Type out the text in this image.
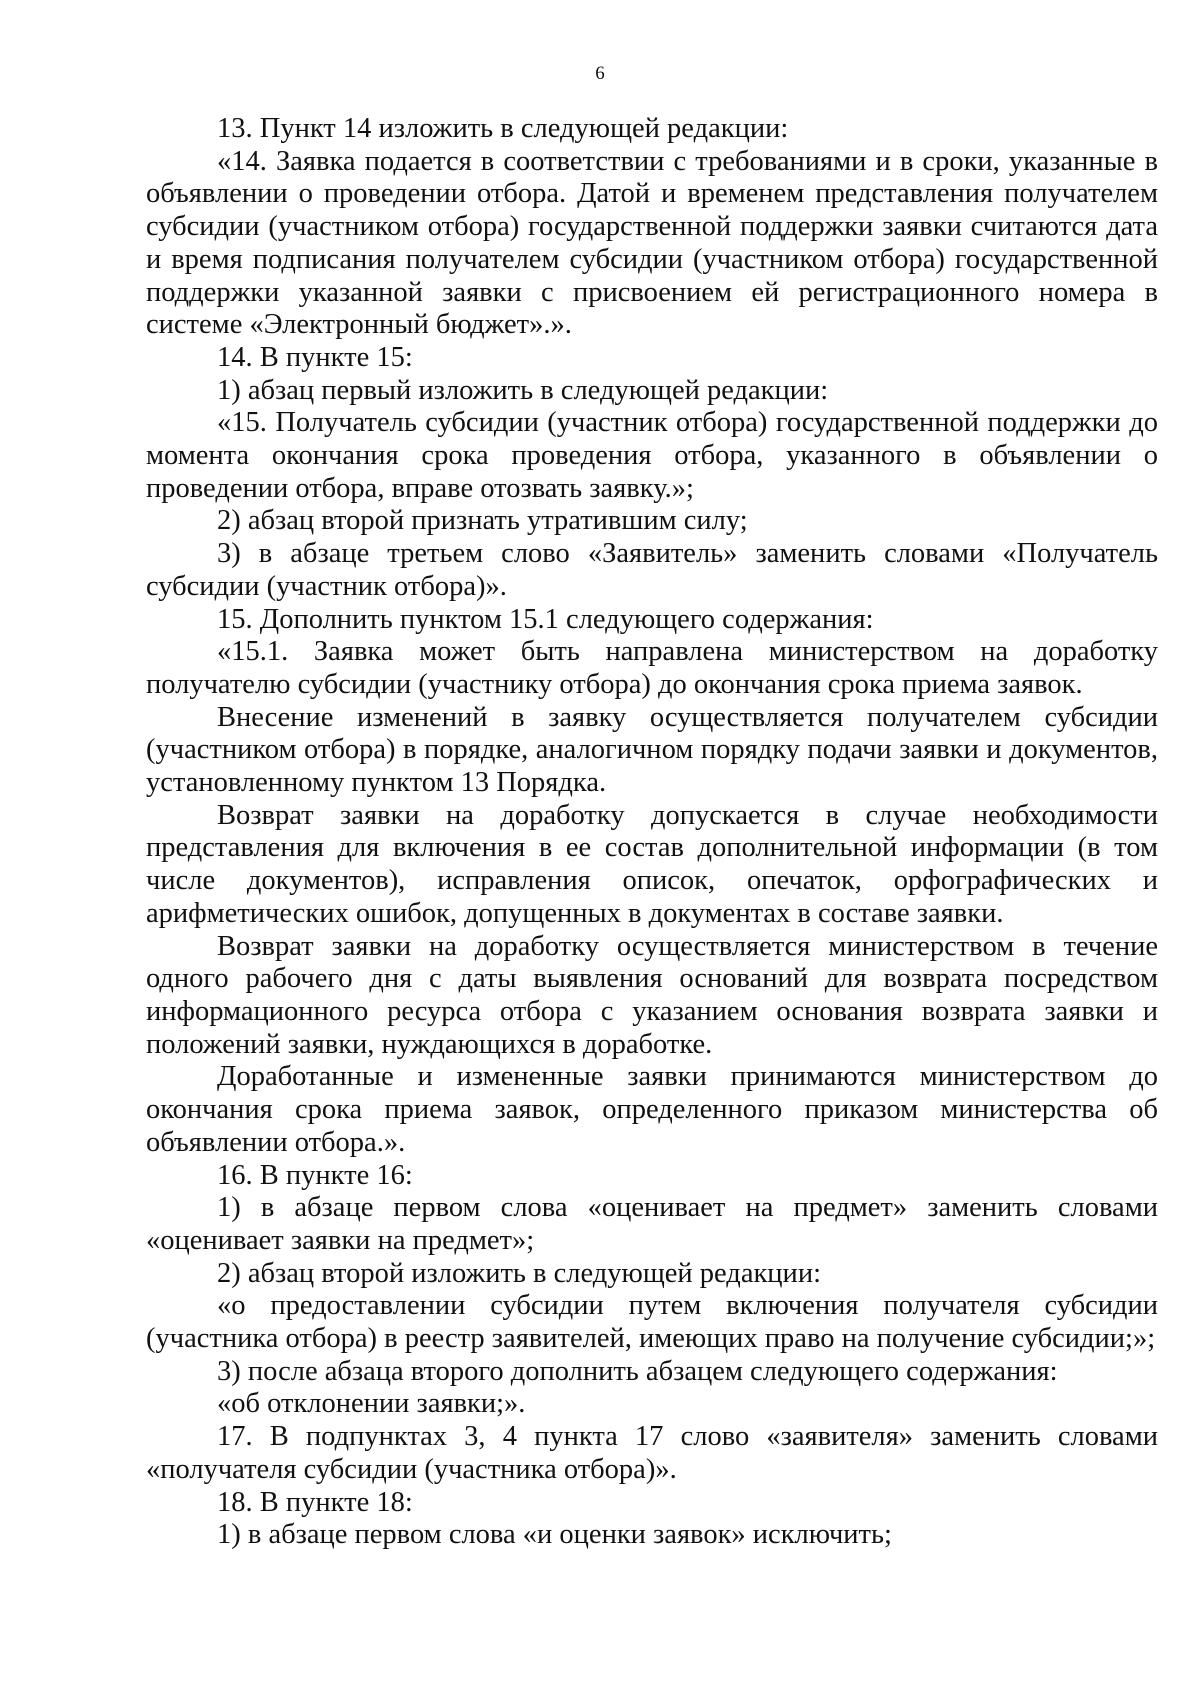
6

13. Пункт 14 изложить в следующей редакции:

«14. Заявка подается в соответствии с требованиями и в сроки, указанные в объявлении о проведении отбора. Датой и временем представления получателем субсидии (участником отбора) государственной поддержки заявки считаются дата и время подписания получателем субсидии (участником отбора) государственной поддержки указанной заявки с присвоением ей регистрационного номера в системе «Электронный бюджет».».

14. В пункте 15:

1) абзац первый изложить в следующей редакции:

«15. Получатель субсидии (участник отбора) государственной поддержки до момента окончания срока проведения отбора, указанного в объявлении о проведении отбора, вправе отозвать заявку.»;

2) абзац второй признать утратившим силу;

3) в абзаце третьем слово «Заявитель» заменить словами «Получатель субсидии (участник отбора)».

15. Дополнить пунктом 15.1 следующего содержания:

«15.1. Заявка может быть направлена министерством на доработку получателю субсидии (участнику отбора) до окончания срока приема заявок.

Внесение изменений в заявку осуществляется получателем субсидии (участником отбора) в порядке, аналогичном порядку подачи заявки и документов, установленному пунктом 13 Порядка.

Возврат заявки на доработку допускается в случае необходимости представления для включения в ее состав дополнительной информации (в том числе документов), исправления описок, опечаток, орфографических и арифметических ошибок, допущенных в документах в составе заявки.

Возврат заявки на доработку осуществляется министерством в течение одного рабочего дня с даты выявления оснований для возврата посредством информационного ресурса отбора с указанием основания возврата заявки и положений заявки, нуждающихся в доработке.

Доработанные и измененные заявки принимаются министерством до окончания срока приема заявок, определенного приказом министерства об объявлении отбора.».

16. В пункте 16:

1) в абзаце первом слова «оценивает на предмет» заменить словами «оценивает заявки на предмет»;

2) абзац второй изложить в следующей редакции:

«о предоставлении субсидии путем включения получателя субсидии (участника отбора) в реестр заявителей, имеющих право на получение субсидии;»;

3) после абзаца второго дополнить абзацем следующего содержания:

«об отклонении заявки;».

17. В подпунктах 3, 4 пункта 17 слово «заявителя» заменить словами «получателя субсидии (участника отбора)».

18. В пункте 18:

1) в абзаце первом слова «и оценки заявок» исключить;
